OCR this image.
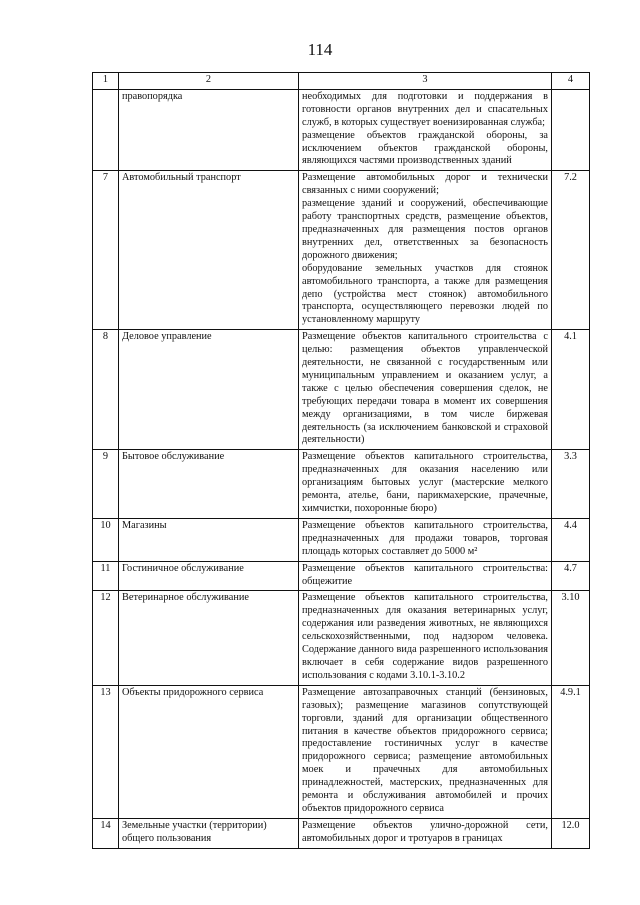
114
1	2	3	4
	правопорядка	необходимых для подготовки и поддержания в готовности органов внутренних дел и спасательных служб, в которых существует военизированная служба;
размещение объектов гражданской обороны, за исключением объектов гражданской обороны, являющихся частями производственных зданий	

7	Автомобильный транспорт	Размещение автомобильных дорог и технически связанных с ними сооружений;
размещение зданий и сооружений, обеспечивающие работу транспортных средств, размещение объектов, предназначенных для размещения постов органов внутренних дел, ответственных за безопасность дорожного движения;
оборудование земельных участков для стоянок автомобильного транспорта, а также для размещения депо (устройства мест стоянок) автомобильного транспорта, осуществляющего перевозки людей по установленному маршруту	7.2
8	Деловое управление	Размещение объектов капитального строительства с целью: размещения объектов управленческой деятельности, не связанной с государственным или муниципальным управлением и оказанием услуг, а также с целью обеспечения совершения сделок, не требующих передачи товара в момент их совершения между организациями, в том числе биржевая деятельность (за исключением банковской и страховой деятельности)	4.1
9	Бытовое обслуживание	Размещение объектов капитального строительства, предназначенных для оказания населению или организациям бытовых услуг (мастерские мелкого ремонта, ателье, бани, парикмахерские, прачечные, химчистки, похоронные бюро)	3.3
10	Магазины	Размещение объектов капитального строительства, предназначенных для продажи товаров, торговая площадь которых составляет до 5000 м²	4.4
11	Гостиничное обслуживание	Размещение объектов капитального строительства: общежитие	4.7
12	Ветеринарное обслуживание	Размещение объектов капитального строительства, предназначенных для оказания ветеринарных услуг, содержания или разведения животных, не являющихся сельскохозяйственными, под надзором человека. Содержание данного вида разрешенного использования включает в себя содержание видов разрешенного использования с кодами 3.10.1-3.10.2	3.10
13	Объекты придорожного сервиса	Размещение автозаправочных станций (бензиновых, газовых); размещение магазинов сопутствующей торговли, зданий для организации общественного питания в качестве объектов придорожного сервиса; предоставление гостиничных услуг в качестве придорожного сервиса; размещение автомобильных моек и прачечных для автомобильных принадлежностей, мастерских, предназначенных для ремонта и обслуживания автомобилей и прочих объектов придорожного сервиса	4.9.1
14	Земельные участки (территории) общего пользования	Размещение объектов улично-дорожной сети, автомобильных дорог и тротуаров в границах	12.0
